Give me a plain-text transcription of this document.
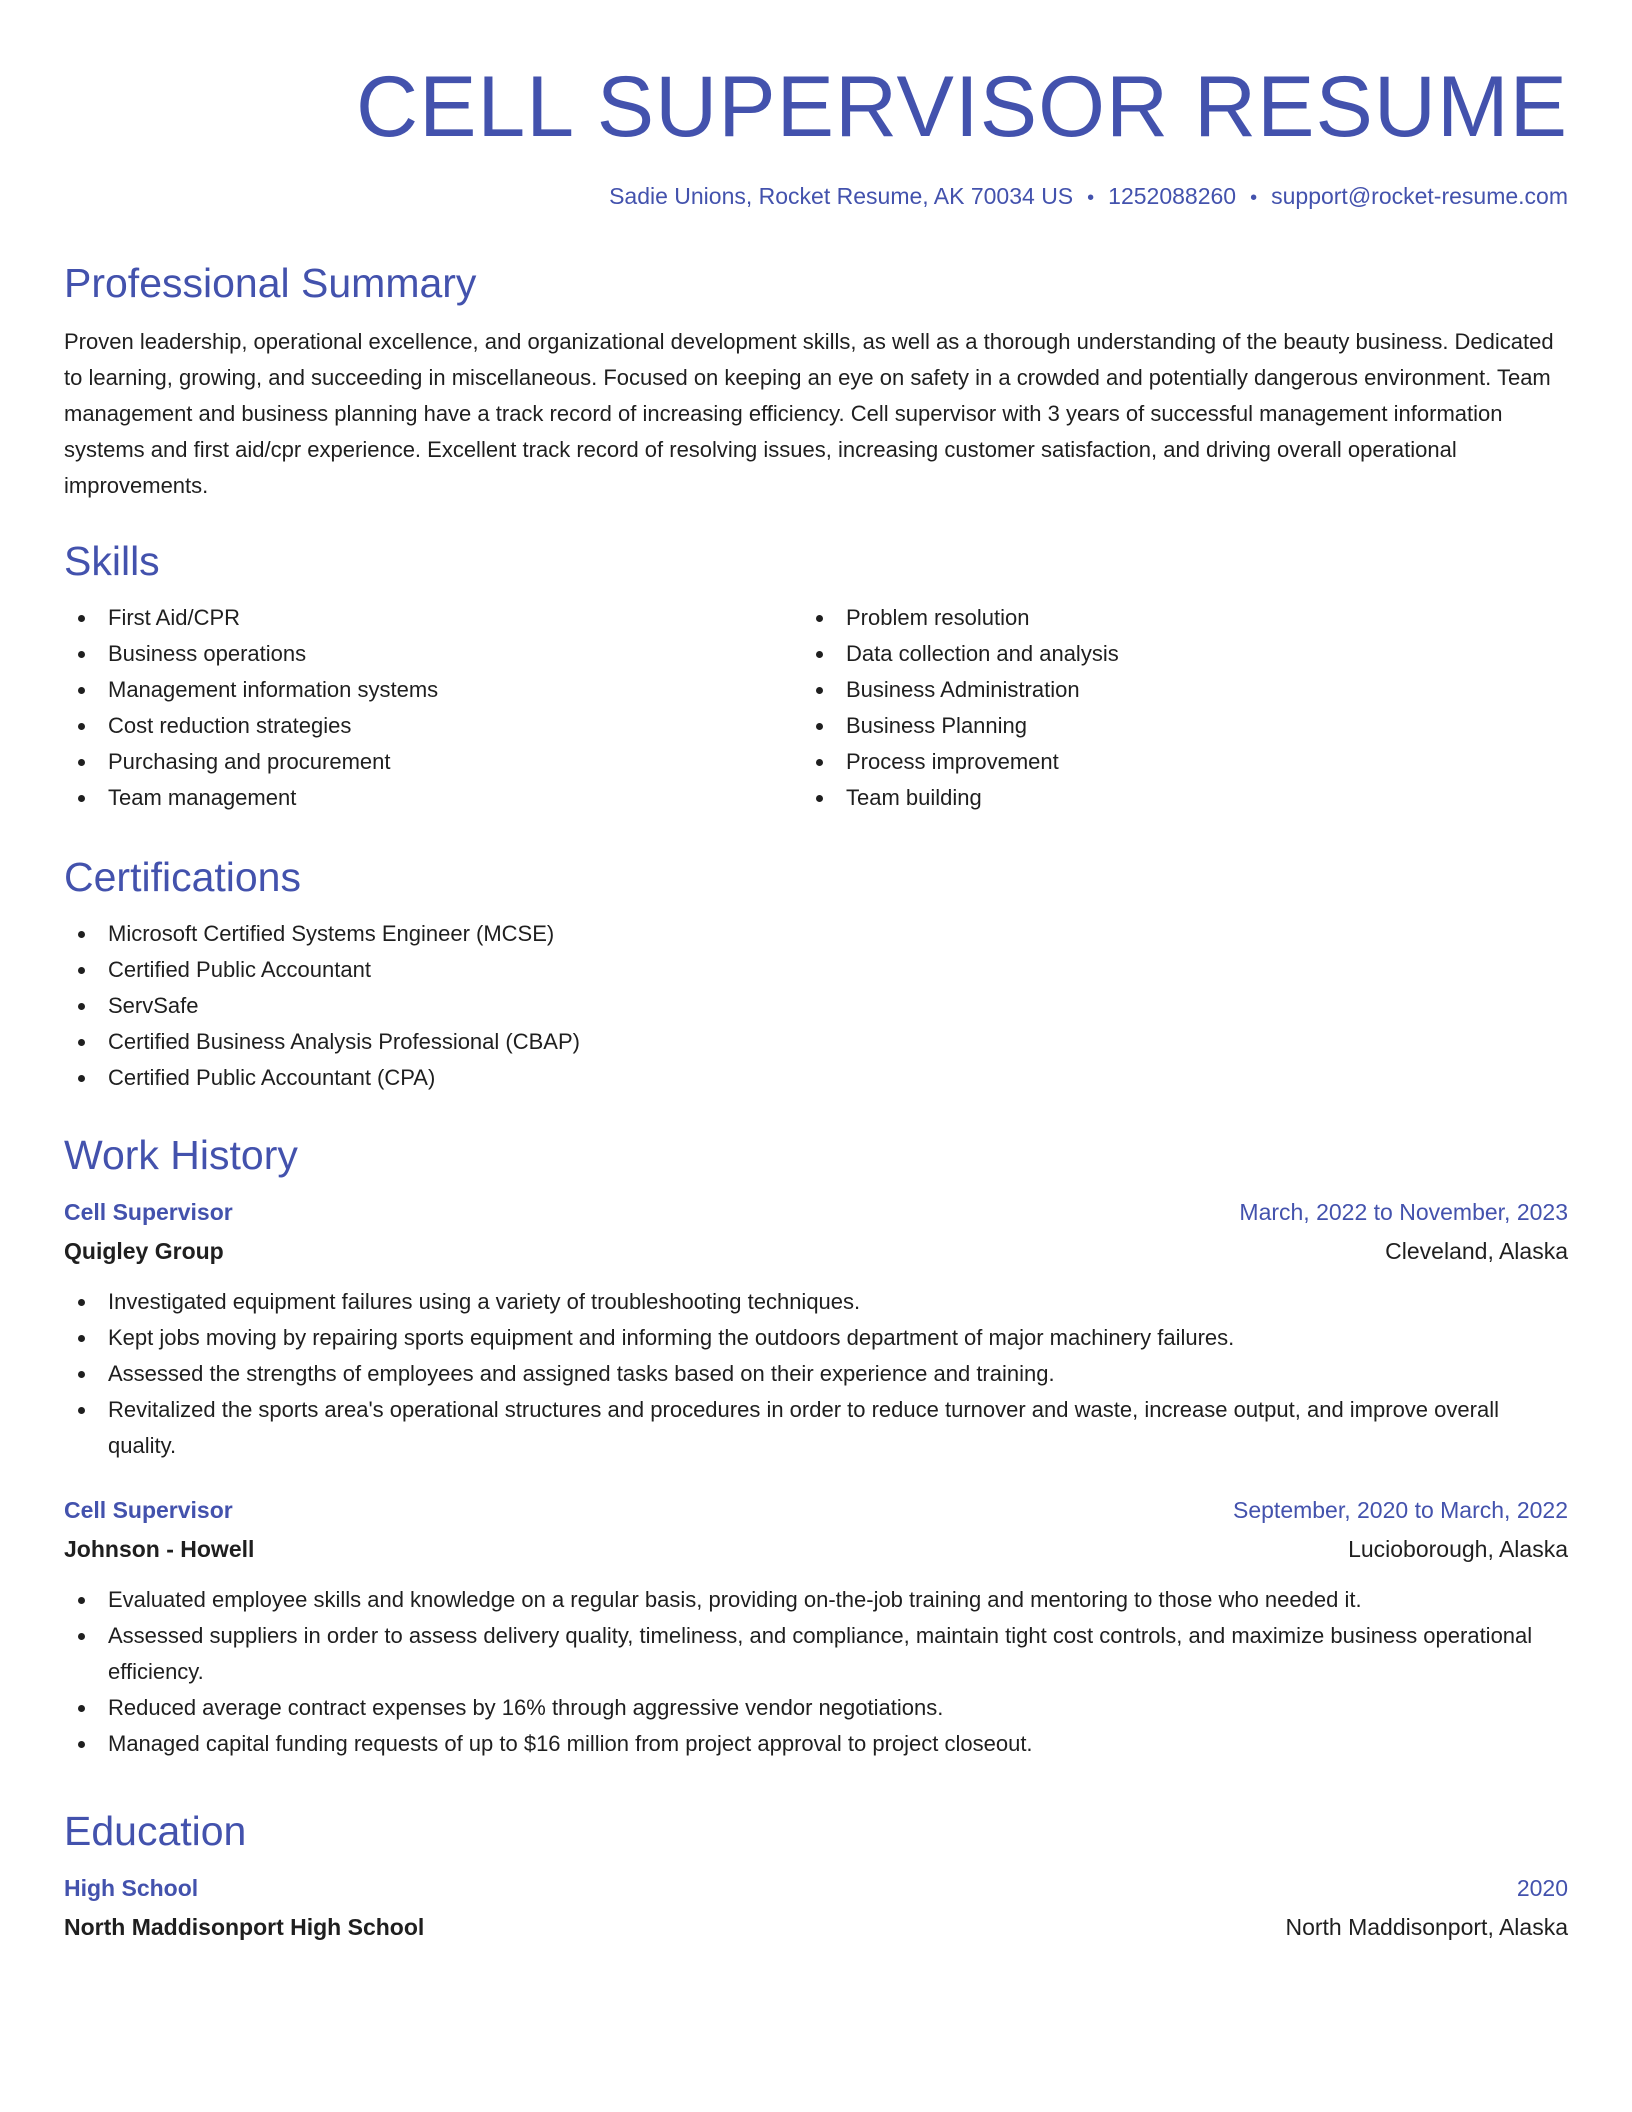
CELL SUPERVISOR RESUME
Sadie Unions, Rocket Resume, AK 70034 US • 1252088260 • support@rocket-resume.com
Professional Summary

Proven leadership, operational excellence, and organizational development skills, as well as a thorough understanding of the beauty business. Dedicated to learning, growing, and succeeding in miscellaneous. Focused on keeping an eye on safety in a crowded and potentially dangerous environment. Team management and business planning have a track record of increasing efficiency. Cell supervisor with 3 years of successful management information systems and first aid/cpr experience. Excellent track record of resolving issues, increasing customer satisfaction, and driving overall operational improvements.

Skills
First Aid/CPR
Business operations
Management information systems
Cost reduction strategies
Purchasing and procurement
Team management
Problem resolution
Data collection and analysis
Business Administration
Business Planning
Process improvement
Team building
Certifications
Microsoft Certified Systems Engineer (MCSE)
Certified Public Accountant
ServSafe
Certified Business Analysis Professional (CBAP)
Certified Public Accountant (CPA)
Work History
Cell Supervisor	March, 2022 to November, 2023
Quigley Group	Cleveland, Alaska
Investigated equipment failures using a variety of troubleshooting techniques.
Kept jobs moving by repairing sports equipment and informing the outdoors department of major machinery failures.
Assessed the strengths of employees and assigned tasks based on their experience and training.
Revitalized the sports area's operational structures and procedures in order to reduce turnover and waste, increase output, and improve overall quality.
Cell Supervisor	September, 2020 to March, 2022
Johnson - Howell	Lucioborough, Alaska
Evaluated employee skills and knowledge on a regular basis, providing on-the-job training and mentoring to those who needed it.
Assessed suppliers in order to assess delivery quality, timeliness, and compliance, maintain tight cost controls, and maximize business operational efficiency.
Reduced average contract expenses by 16% through aggressive vendor negotiations.
Managed capital funding requests of up to $16 million from project approval to project closeout.
Education
High School	2020
North Maddisonport High School	North Maddisonport, Alaska
